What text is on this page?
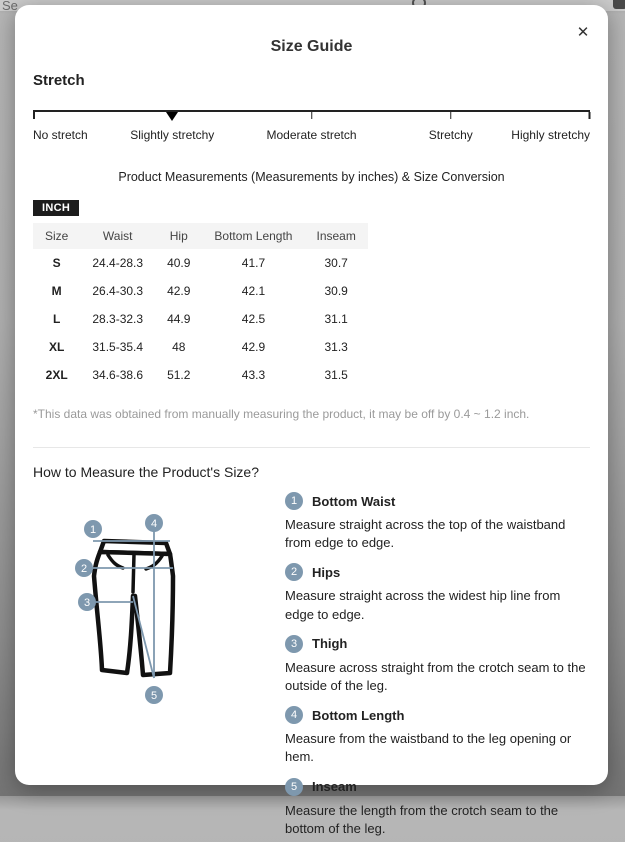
Se
✕
Size Guide
Stretch
No stretch	Slightly stretchy	Moderate stretch	Stretchy	Highly stretchy

Product Measurements (Measurements by inches) & Size Conversion

INCH
Size	Waist	Hip	Bottom Length	Inseam
S	24.4-28.3	40.9	41.7	30.7
M	26.4-30.3	42.9	42.1	30.9
L	28.3-32.3	44.9	42.5	31.1
XL	31.5-35.4	48	42.9	31.3
2XL	34.6-38.6	51.2	43.3	31.5

*This data was obtained from manually measuring the product, it may be off by 0.4 ~ 1.2 inch.

How to Measure the Product's Size?
1
2
3
4
5
1	Bottom Waist

Measure straight across the top of the waistband from edge to edge.

2	Hips

Measure straight across the widest hip line from edge to edge.

3	Thigh

Measure across straight from the crotch seam to the outside of the leg.

4	Bottom Length

Measure from the waistband to the leg opening or hem.

5	Inseam

Measure the length from the crotch seam to the bottom of the leg.
